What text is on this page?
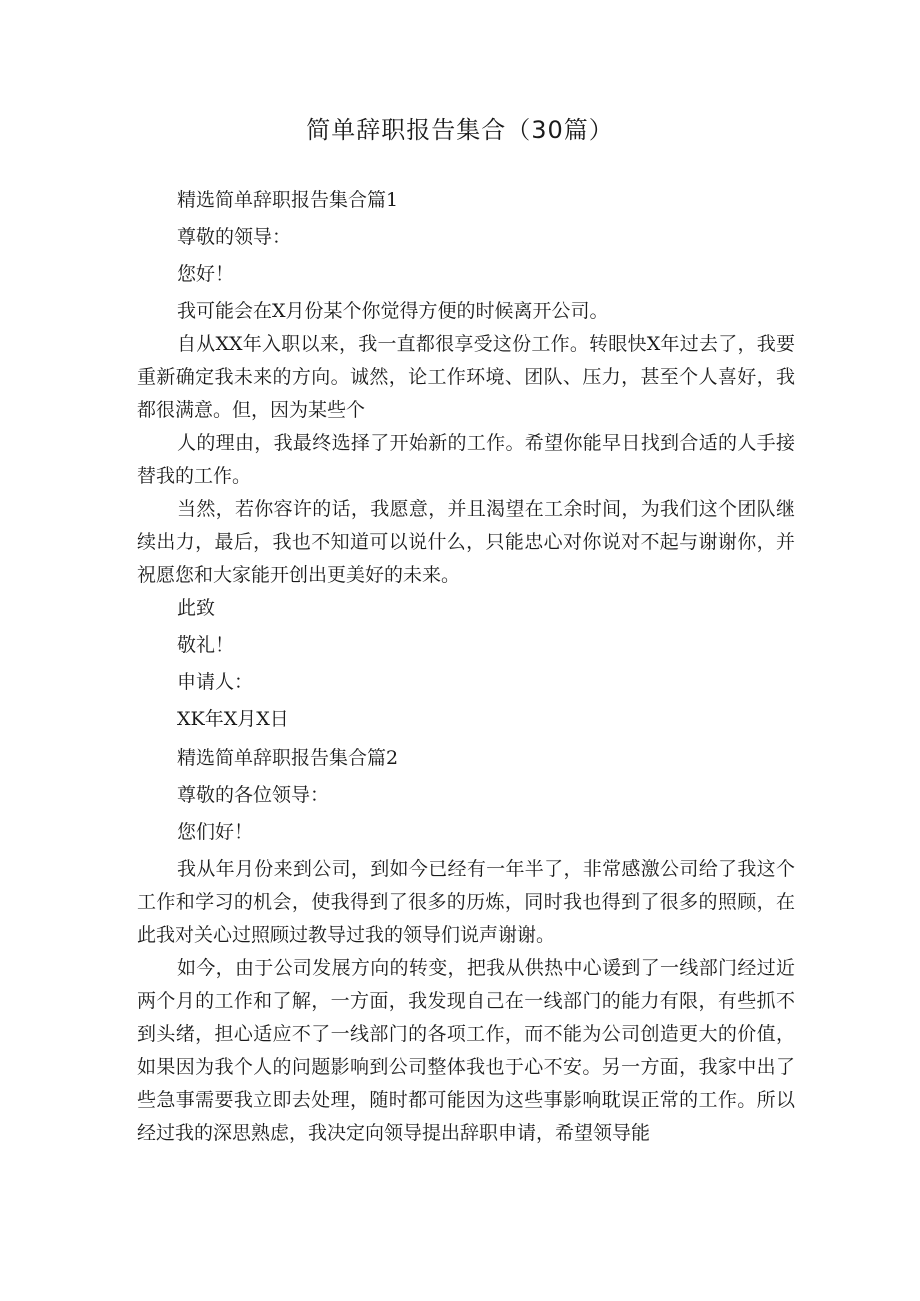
简单辞职报告集合（30篇）

精选简单辞职报告集合篇1

尊敬的领导：

您好！

我可能会在X月份某个你觉得方便的时候离开公司。

自从XX年入职以来，我一直都很享受这份工作。转眼快X年过去了，我要重新确定我未来的方向。诚然，论工作环境、团队、压力，甚至个人喜好，我都很满意。但，因为某些个

人的理由，我最终选择了开始新的工作。希望你能早日找到合适的人手接替我的工作。

当然，若你容许的话，我愿意，并且渴望在工余时间，为我们这个团队继续出力，最后，我也不知道可以说什么，只能忠心对你说对不起与谢谢你，并祝愿您和大家能开创出更美好的未来。

此致

敬礼！

申请人：

XK年X月X日

精选简单辞职报告集合篇2

尊敬的各位领导：

您们好！

我从年月份来到公司，到如今已经有一年半了，非常感激公司给了我这个工作和学习的机会，使我得到了很多的历炼，同时我也得到了很多的照顾，在此我对关心过照顾过教导过我的领导们说声谢谢。

如今，由于公司发展方向的转变，把我从供热中心谖到了一线部门经过近两个月的工作和了解，一方面，我发现自己在一线部门的能力有限，有些抓不到头绪，担心适应不了一线部门的各项工作，而不能为公司创造更大的价值，如果因为我个人的问题影响到公司整体我也于心不安。另一方面，我家中出了些急事需要我立即去处理，随时都可能因为这些事影响耽误正常的工作。所以经过我的深思熟虑，我决定向领导提出辞职申请，希望领导能
